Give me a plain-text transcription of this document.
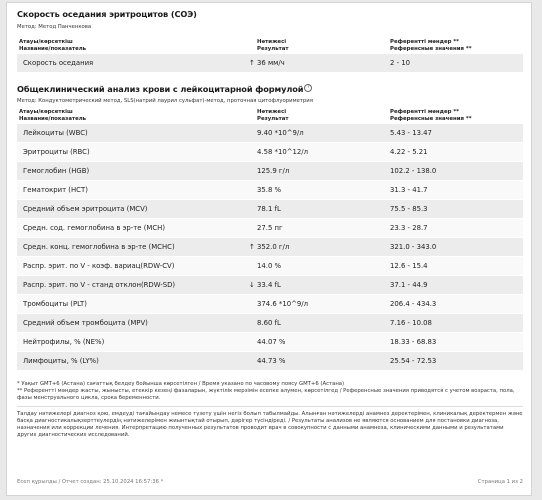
Скорость оседания эритроцитов (СОЭ)
Метод: Метод Панченкова
Атауы/көрсеткіш
Название/показатель
Нәтижесі
Результат
Референтті мәндер **
Референсные значения **
Скорость оседания	↑ 36 мм/ч	2 - 10
Общеклинический анализ крови с лейкоцитарной формулой ?
Метод: Кондуктометрический метод, SLS(натрий лаурил сульфат)-метод, проточная цитофлуориметрия
Атауы/көрсеткіш
Название/показатель
Нәтижесі
Результат
Референтті мәндер **
Референсные значения **
Лейкоциты (WBC)	9.40 *10^9/л	5.43 - 13.47
Эритроциты (RBC)	4.58 *10^12/л	4.22 - 5.21
Гемоглобин (HGB)	125.9 г/л	102.2 - 138.0
Гематокрит (HCT)	35.8 %	31.3 - 41.7
Средний объем эритроцита (MCV)	78.1 fL	75.5 - 85.3
Средн. сод. гемоглобина в эр-те (MCH)	27.5 пг	23.3 - 28.7
Средн. конц. гемоглобина в эр-те (MCHC)	↑ 352.0 г/л	321.0 - 343.0
Распр. эрит. по V - коэф. вариац(RDW-CV)	14.0 %	12.6 - 15.4
Распр. эрит. по V - станд отклон(RDW-SD)	↓ 33.4 fL	37.1 - 44.9
Тромбоциты (PLT)	374.6 *10^9/л	206.4 - 434.3
Средний объем тромбоцита (MPV)	8.60 fL	7.16 - 10.08
Нейтрофилы, % (NE%)	44.07 %	18.33 - 68.83
Лимфоциты, % (LY%)	44.73 %	25.54 - 72.53
* Уақыт GMT+6 (Астана) сағаттық белдеу бойынша көрсетілген / Время указано по часовому поясу GMT+6 (Астана)
** Референтті мәндер жасты, жынысты, етеккір кезеңі фазаларын, жүктілік мерзімін есепке алумен, көрсетілгед / Референсные значения приводятся с учетом возраста, пола, фазы менструального цикла, срока беременности.
Талдау нәтижелері диагноз қою, емдеуді тағайындау немесе түзету үшін негіз болып табылмайды. Алынған нәтижелерді анамнез деректерімен, клиникалық деректермен және басқа диагностикалықзерттеулердің нәтижелерімен жиынтықтай отырып, дәрігер түсіндіреді. / Результаты анализов не являются основанием для постановки диагноза, назначения или коррекции лечения. Интерпретацию полученных результатов проводит врач в совокупности с данными анамнеза, клиническими данными и результатами других диагностических исследований.
Есеп құрылды / Отчет создан: 25.10.2024 16:57:36 *	Страница 1 из 2
